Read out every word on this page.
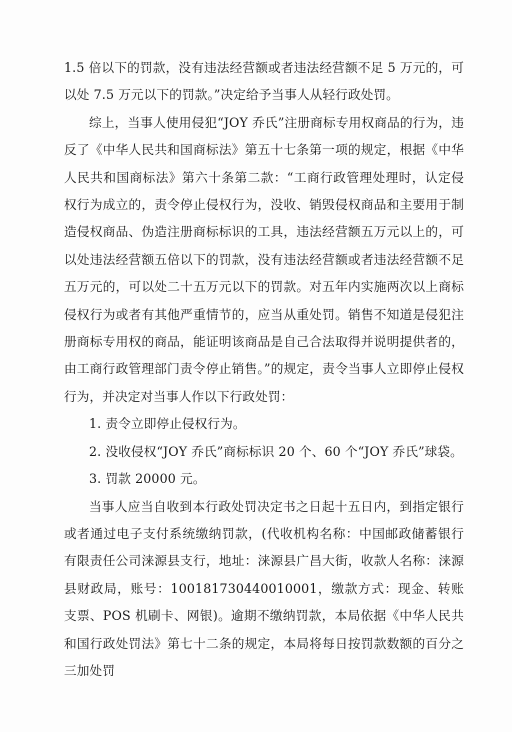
1.5 倍以下的罚款，没有违法经营额或者违法经营额不足 5 万元的，可以处 7.5 万元以下的罚款。”决定给予当事人从轻行政处罚。

综上，当事人使用侵犯“JOY 乔氏”注册商标专用权商品的行为，违反了《中华人民共和国商标法》第五十七条第一项的规定，根据《中华人民共和国商标法》第六十条第二款：“工商行政管理处理时，认定侵权行为成立的，责令停止侵权行为，没收、销毁侵权商品和主要用于制造侵权商品、伪造注册商标标识的工具，违法经营额五万元以上的，可以处违法经营额五倍以下的罚款，没有违法经营额或者违法经营额不足五万元的，可以处二十五万元以下的罚款。对五年内实施两次以上商标侵权行为或者有其他严重情节的，应当从重处罚。销售不知道是侵犯注册商标专用权的商品，能证明该商品是自己合法取得并说明提供者的，由工商行政管理部门责令停止销售。”的规定，责令当事人立即停止侵权行为，并决定对当事人作以下行政处罚：

1. 责令立即停止侵权行为。

2. 没收侵权“JOY 乔氏”商标标识 20 个、60 个“JOY 乔氏”球袋。

3. 罚款 20000 元。

当事人应当自收到本行政处罚决定书之日起十五日内，到指定银行或者通过电子支付系统缴纳罚款，(代收机构名称：中国邮政储蓄银行有限责任公司涞源县支行，地址：涞源县广昌大街，收款人名称：涞源县财政局，账号：100181730440010001，缴款方式：现金、转账支票、POS 机刷卡、网银)。逾期不缴纳罚款，本局依据《中华人民共和国行政处罚法》第七十二条的规定，本局将每日按罚款数额的百分之三加处罚
